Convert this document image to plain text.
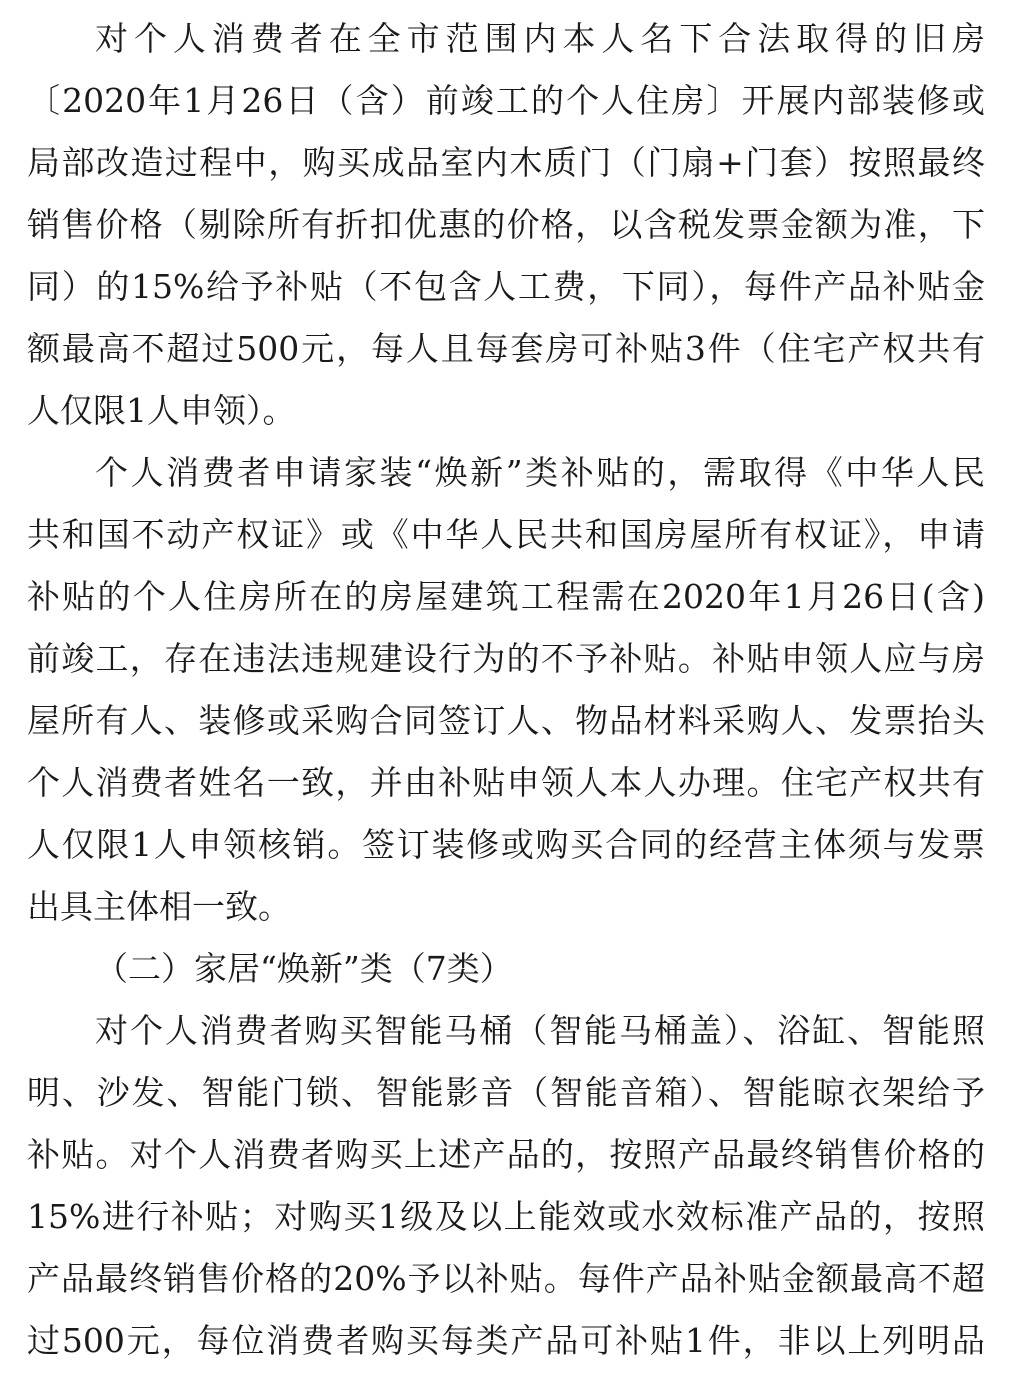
对个人消费者在全市范围内本人名下合法取得的旧房
〔2020年1月26日（含）前竣工的个人住房〕开展内部装修或
局部改造过程中，购买成品室内木质门（门扇+门套）按照最终
销售价格（剔除所有折扣优惠的价格，以含税发票金额为准，下
同）的15%给予补贴（不包含人工费，下同），每件产品补贴金
额最高不超过500元，每人且每套房可补贴3件（住宅产权共有
人仅限1人申领）。
个人消费者申请家装“焕新”类补贴的，需取得《中华人民
共和国不动产权证》或《中华人民共和国房屋所有权证》，申请
补贴的个人住房所在的房屋建筑工程需在2020年1月26日(含)
前竣工，存在违法违规建设行为的不予补贴。补贴申领人应与房
屋所有人、装修或采购合同签订人、物品材料采购人、发票抬头
个人消费者姓名一致，并由补贴申领人本人办理。住宅产权共有
人仅限1人申领核销。签订装修或购买合同的经营主体须与发票
出具主体相一致。
（二）家居“焕新”类（7类）
对个人消费者购买智能马桶（智能马桶盖）、浴缸、智能照
明、沙发、智能门锁、智能影音（智能音箱）、智能晾衣架给予
补贴。对个人消费者购买上述产品的，按照产品最终销售价格的
15%进行补贴；对购买1级及以上能效或水效标准产品的，按照
产品最终销售价格的20%予以补贴。每件产品补贴金额最高不超
过500元，每位消费者购买每类产品可补贴1件，非以上列明品
